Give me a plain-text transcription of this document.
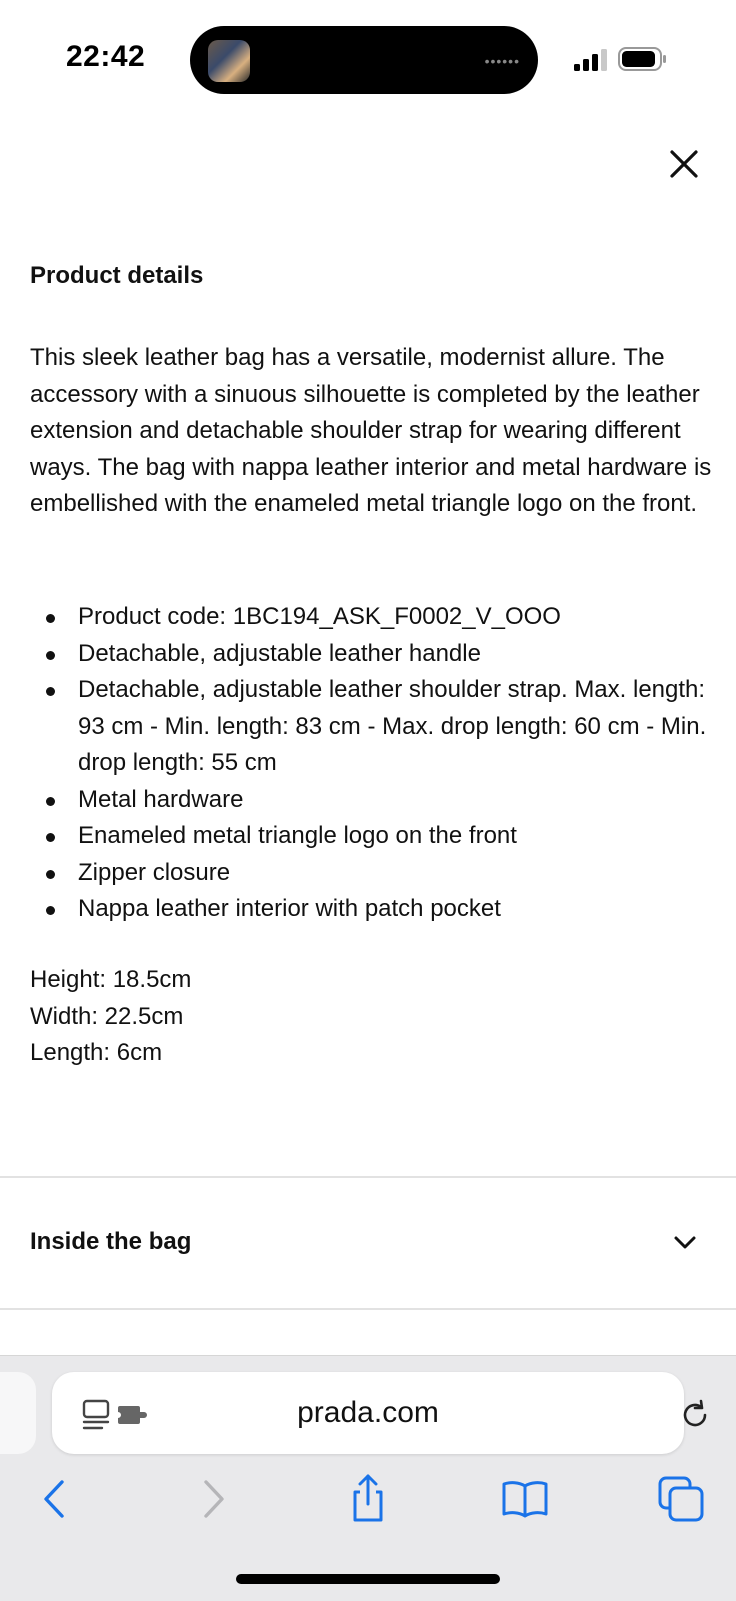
22:42	••••••
Product details

This sleek leather bag has a versatile, modernist allure. The accessory with a sinuous silhouette is completed by the leather extension and detachable shoulder strap for wearing different ways. The bag with nappa leather interior and metal hardware is embellished with the enameled metal triangle logo on the front.

Product code: 1BC194_ASK_F0002_V_OOO
Detachable, adjustable leather handle
Detachable, adjustable leather shoulder strap. Max. length: 93 cm - Min. length: 83 cm - Max. drop length: 60 cm - Min. drop length: 55 cm
Metal hardware
Enameled metal triangle logo on the front
Zipper closure
Nappa leather interior with patch pocket
Height: 18.5cm
Width: 22.5cm
Length: 6cm
Inside the bag
prada.com
